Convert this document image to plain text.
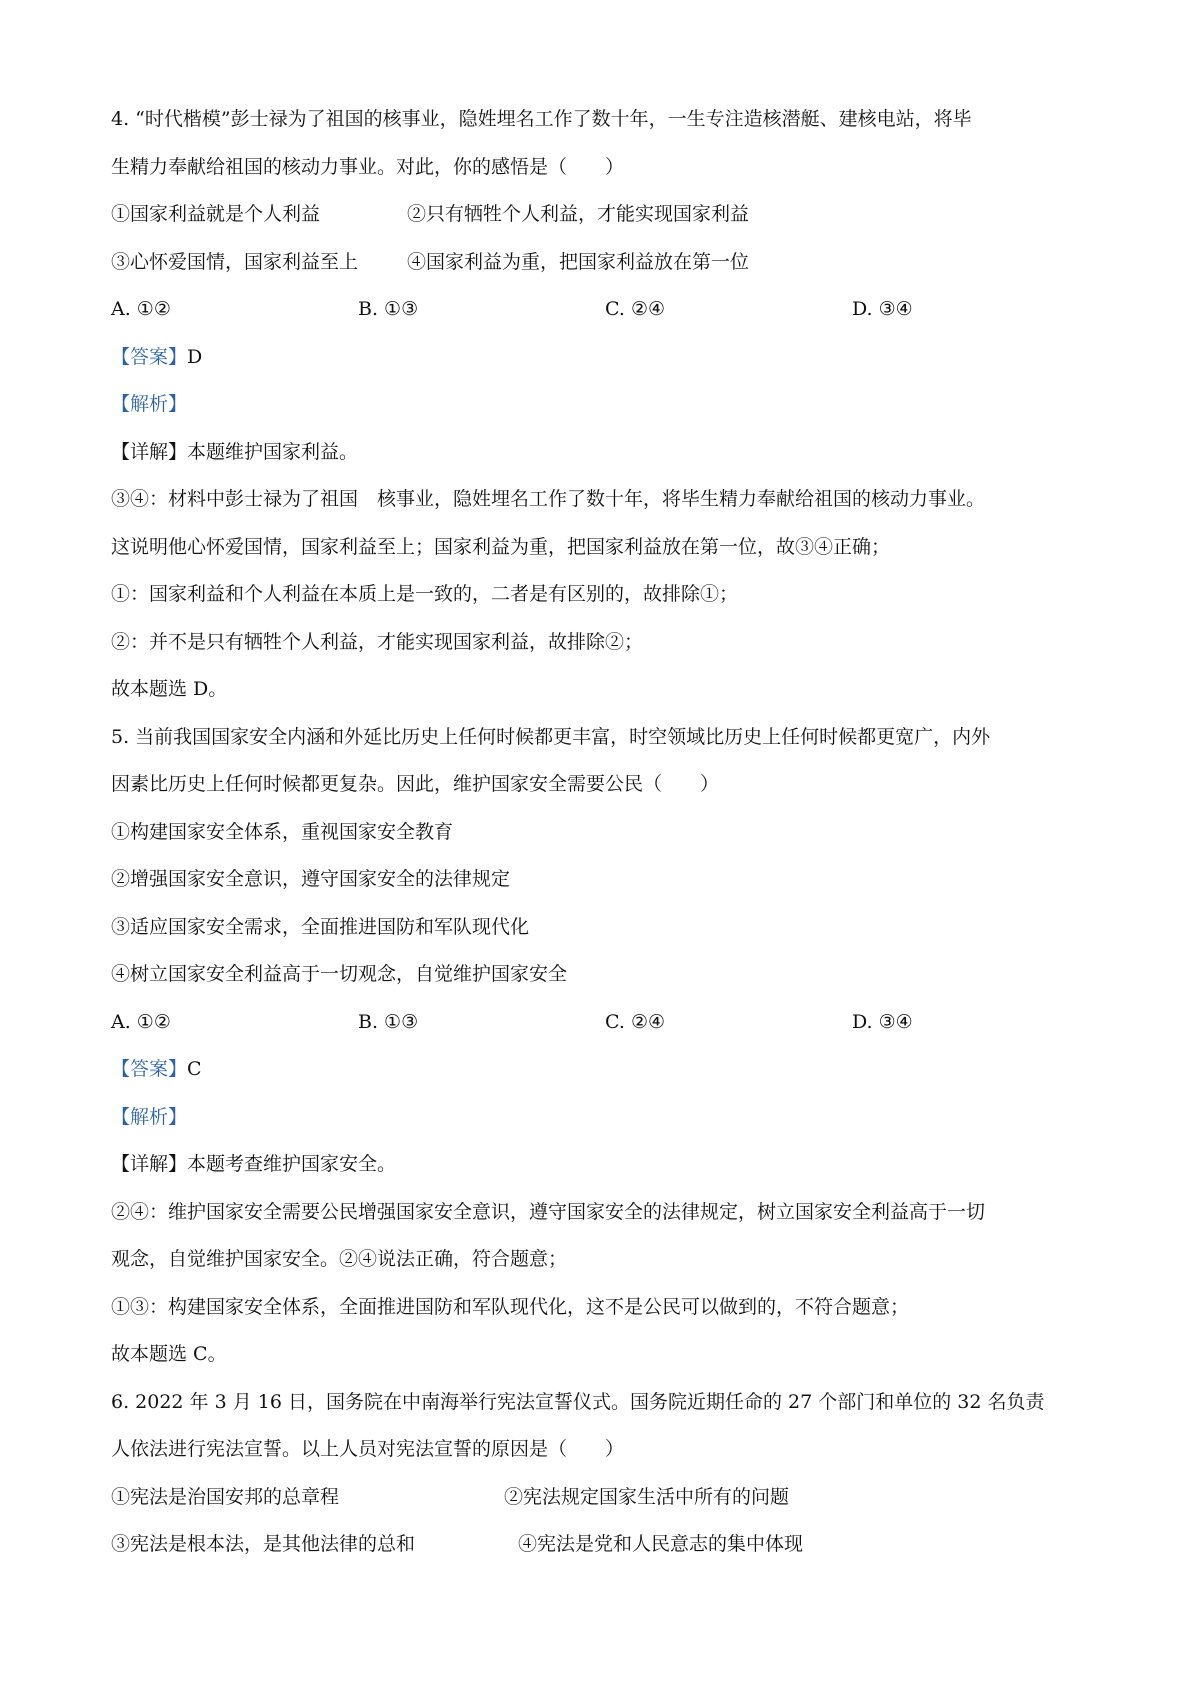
4. “时代楷模”彭士禄为了祖国的核事业，隐姓埋名工作了数十年，一生专注造核潜艇、建核电站，将毕
生精力奉献给祖国的核动力事业。对此，你的感悟是（　　）
①国家利益就是个人利益	②只有牺牲个人利益，才能实现国家利益
③心怀爱国情，国家利益至上	④国家利益为重，把国家利益放在第一位
A. ①②	B. ①③	C. ②④	D. ③④
【答案】D
【解析】
【详解】本题维护国家利益。
③④：材料中彭士禄为了祖国　核事业，隐姓埋名工作了数十年，将毕生精力奉献给祖国的核动力事业。
这说明他心怀爱国情，国家利益至上；国家利益为重，把国家利益放在第一位，故③④正确；
①：国家利益和个人利益在本质上是一致的，二者是有区别的，故排除①；
②：并不是只有牺牲个人利益，才能实现国家利益，故排除②；
故本题选 D。
5. 当前我国国家安全内涵和外延比历史上任何时候都更丰富，时空领域比历史上任何时候都更宽广，内外
因素比历史上任何时候都更复杂。因此，维护国家安全需要公民（　　）
①构建国家安全体系，重视国家安全教育
②增强国家安全意识，遵守国家安全的法律规定
③适应国家安全需求，全面推进国防和军队现代化
④树立国家安全利益高于一切观念，自觉维护国家安全
A. ①②	B. ①③	C. ②④	D. ③④
【答案】C
【解析】
【详解】本题考查维护国家安全。
②④：维护国家安全需要公民增强国家安全意识，遵守国家安全的法律规定，树立国家安全利益高于一切
观念，自觉维护国家安全。②④说法正确，符合题意；
①③：构建国家安全体系，全面推进国防和军队现代化，这不是公民可以做到的，不符合题意；
故本题选 C。
6. 2022 年 3 月 16 日，国务院在中南海举行宪法宣誓仪式。国务院近期任命的 27 个部门和单位的 32 名负责
人依法进行宪法宣誓。以上人员对宪法宣誓的原因是（　　）
①宪法是治国安邦的总章程	②宪法规定国家生活中所有的问题
③宪法是根本法，是其他法律的总和	④宪法是党和人民意志的集中体现
